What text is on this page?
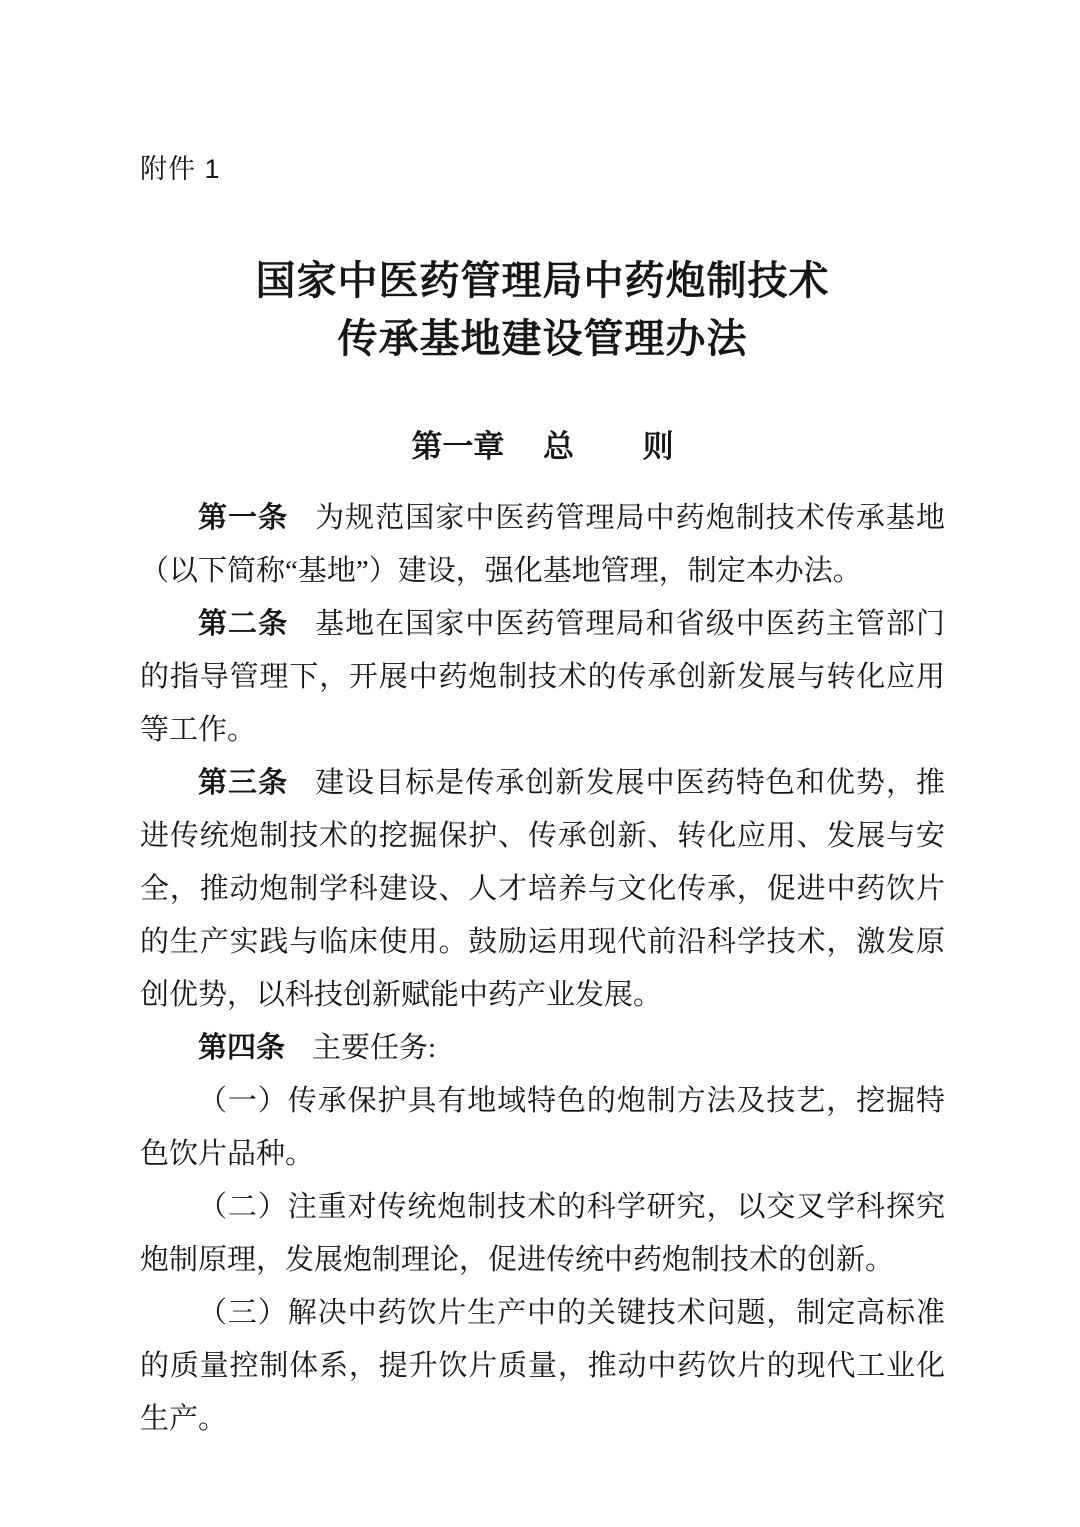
附件 1
国家中医药管理局中药炮制技术
传承基地建设管理办法
第一章 总 则

第一条 为规范国家中医药管理局中药炮制技术传承基地（以下简称“基地”）建设，强化基地管理，制定本办法。

第二条 基地在国家中医药管理局和省级中医药主管部门的指导管理下，开展中药炮制技术的传承创新发展与转化应用等工作。

第三条 建设目标是传承创新发展中医药特色和优势，推进传统炮制技术的挖掘保护、传承创新、转化应用、发展与安全，推动炮制学科建设、人才培养与文化传承，促进中药饮片的生产实践与临床使用。鼓励运用现代前沿科学技术，激发原创优势，以科技创新赋能中药产业发展。

第四条 主要任务:

（一）传承保护具有地域特色的炮制方法及技艺，挖掘特色饮片品种。

（二）注重对传统炮制技术的科学研究，以交叉学科探究炮制原理，发展炮制理论，促进传统中药炮制技术的创新。

（三）解决中药饮片生产中的关键技术问题，制定高标准的质量控制体系，提升饮片质量，推动中药饮片的现代工业化生产。
